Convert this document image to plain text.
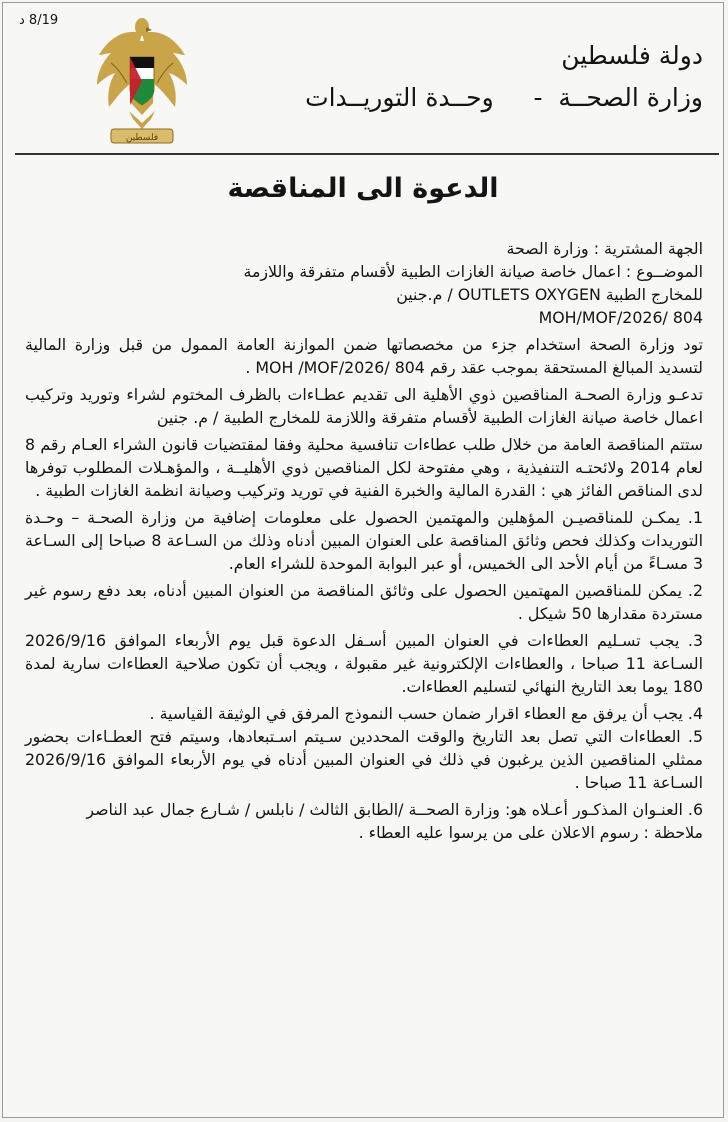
8/19 د
فلسطين
دولة فلسطين
وزارة الصحــة  -     وحــدة التوريــدات
الدعوة الى المناقصة

الجهة المشترية : وزارة الصحة

الموضــوع : اعمال خاصة صيانة الغازات الطبية لأقسام متفرقة واللازمة

للمخارج الطبية OUTLETS OXYGEN / م.جنين

MOH/MOF/2026/ 804

تود وزارة الصحة استخدام جزء من مخصصاتها ضمن الموازنة العامة الممول من قبل وزارة المالية لتسديد المبالغ المستحقة بموجب عقد رقم 804 /MOH /MOF/2026 .

تدعـو وزارة الصحـة المناقصين ذوي الأهلية الى تقديم عطـاءات بالظرف المختوم لشراء وتوريد وتركيب اعمال خاصة صيانة الغازات الطبية لأقسام متفرقة واللازمة للمخارج الطبية / م. جنين

ستتم المناقصة العامة من خلال طلب عطاءات تنافسية محلية وفقا لمقتضيات قانون الشراء العـام رقم 8 لعام 2014 ولائحتـه التنفيذية ، وهي مفتوحة لكل المناقصين ذوي الأهليــة ، والمؤهـلات المطلوب توفرها لدى المناقص الفائز هي : القدرة المالية والخبرة الفنية في توريد وتركيب وصيانة انظمة الغازات الطبية .

1. يمكـن للمناقصيـن المؤهلين والمهتمين الحصول على معلومات إضافية من وزارة الصحـة – وحـدة التوريدات وكذلك فحص وثائق المناقصة على العنوان المبين أدناه وذلك من السـاعة 8 صباحا إلى السـاعة 3 مسـاءً من أيام الأحد الى الخميس، أو عبر البوابة الموحدة للشراء العام.

2. يمكن للمناقصين المهتمين الحصول على وثائق المناقصة من العنوان المبين أدناه، بعد دفع رسوم غير مستردة مقدارها 50 شيكل .

3. يجب تسـليم العطاءات في العنوان المبين أسـفل الدعوة قبل يوم الأربعاء الموافق 2026/9/16 السـاعة 11 صباحا ، والعطاءات الإلكترونية غير مقبولة ، ويجب أن تكون صلاحية العطاءات سارية لمدة 180 يوما بعد التاريخ النهائي لتسليم العطاءات.

4. يجب أن يرفق مع العطاء اقرار ضمان حسب النموذج المرفق في الوثيقة القياسية .

5. العطاءات التي تصل بعد التاريخ والوقت المحددين سـيتم اسـتبعادها، وسيتم فتح العطـاءات بحضور ممثلي المناقصين الذين يرغبون في ذلك في العنوان المبين أدناه في يوم الأربعاء الموافق 2026/9/16 السـاعة 11 صباحا .

6. العنـوان المذكـور أعـلاه هو: وزارة الصحــة /الطابق الثالث / نابلس / شـارع جمال عبد الناصر

ملاحظة : رسوم الاعلان على من يرسوا عليه العطاء .
